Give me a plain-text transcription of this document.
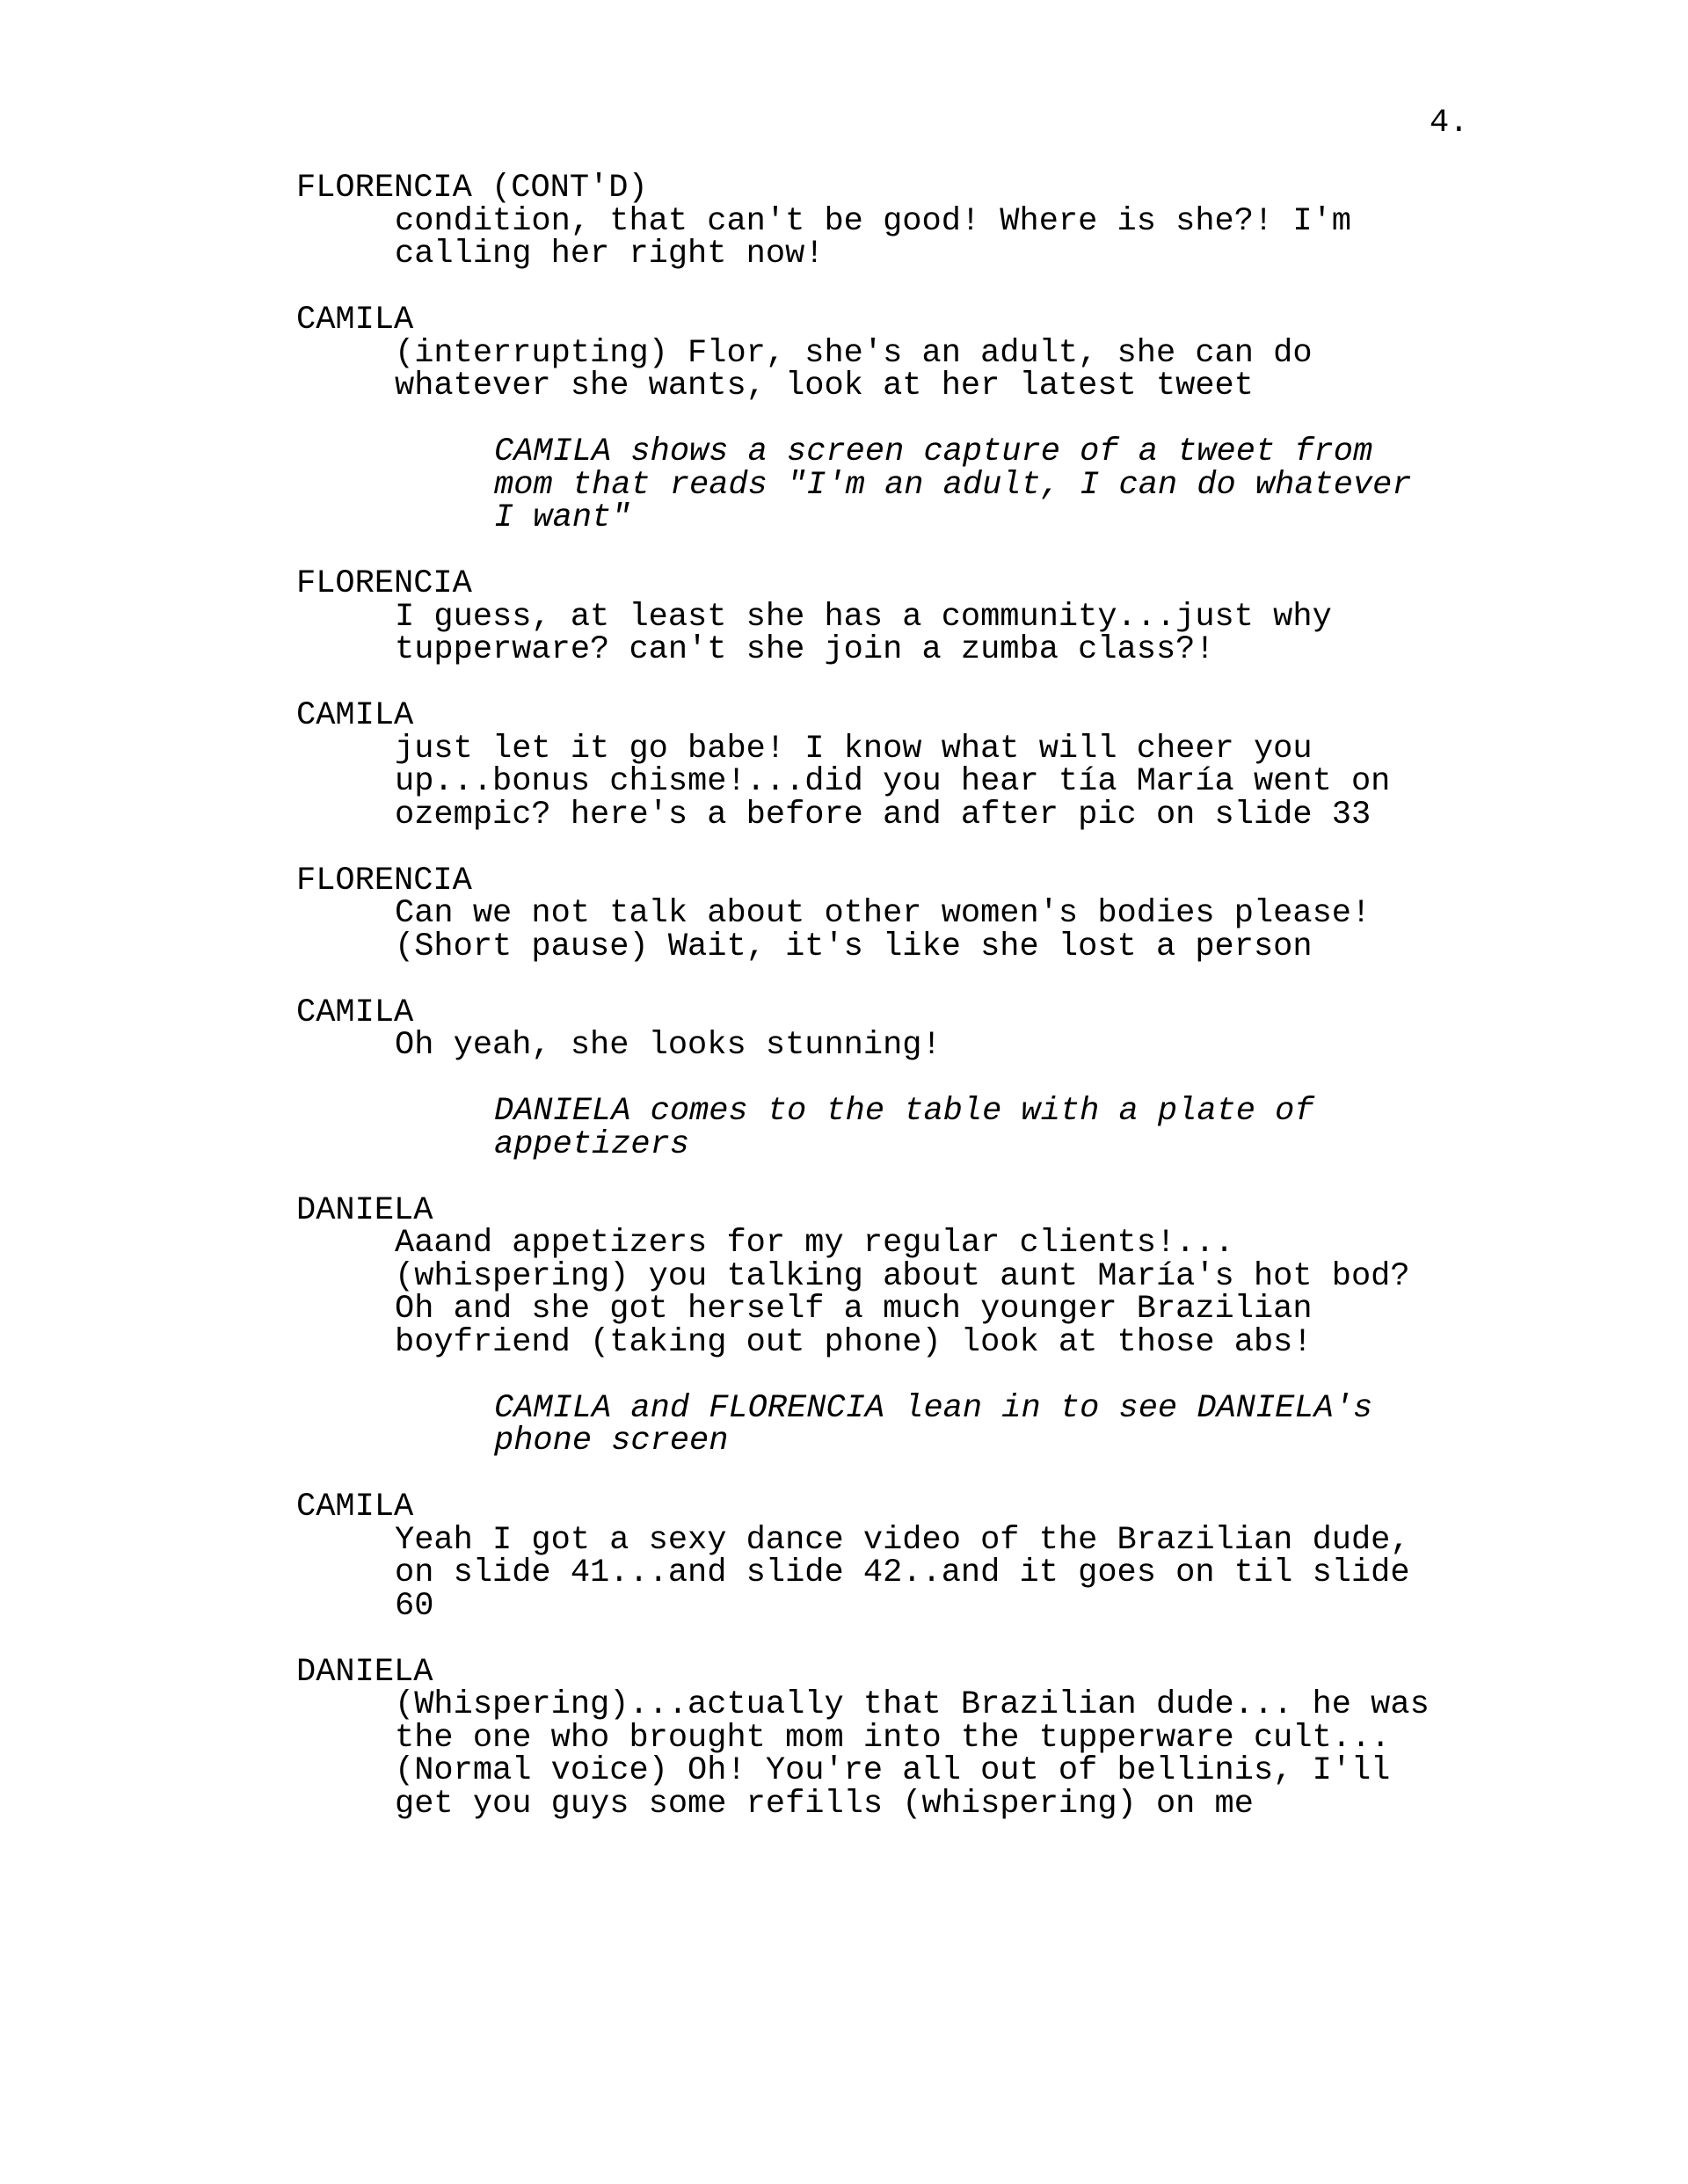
4.

FLORENCIA (CONT'D)

condition, that can't be good! Where is she?! I'm
calling her right now!

CAMILA

(interrupting) Flor, she's an adult, she can do
whatever she wants, look at her latest tweet

CAMILA shows a screen capture of a tweet from
mom that reads "I'm an adult, I can do whatever
I want"

FLORENCIA

I guess, at least she has a community...just why
tupperware? can't she join a zumba class?!

CAMILA

just let it go babe! I know what will cheer you
up...bonus chisme!...did you hear tía María went on
ozempic? here's a before and after pic on slide 33

FLORENCIA

Can we not talk about other women's bodies please!
(Short pause) Wait, it's like she lost a person

CAMILA

Oh yeah, she looks stunning!

DANIELA comes to the table with a plate of
appetizers

DANIELA

Aaand appetizers for my regular clients!...
(whispering) you talking about aunt María's hot bod?
Oh and she got herself a much younger Brazilian
boyfriend (taking out phone) look at those abs!

CAMILA and FLORENCIA lean in to see DANIELA's
phone screen

CAMILA

Yeah I got a sexy dance video of the Brazilian dude,
on slide 41...and slide 42..and it goes on til slide
60

DANIELA

(Whispering)...actually that Brazilian dude... he was
the one who brought mom into the tupperware cult...
(Normal voice) Oh! You're all out of bellinis, I'll
get you guys some refills (whispering) on me
